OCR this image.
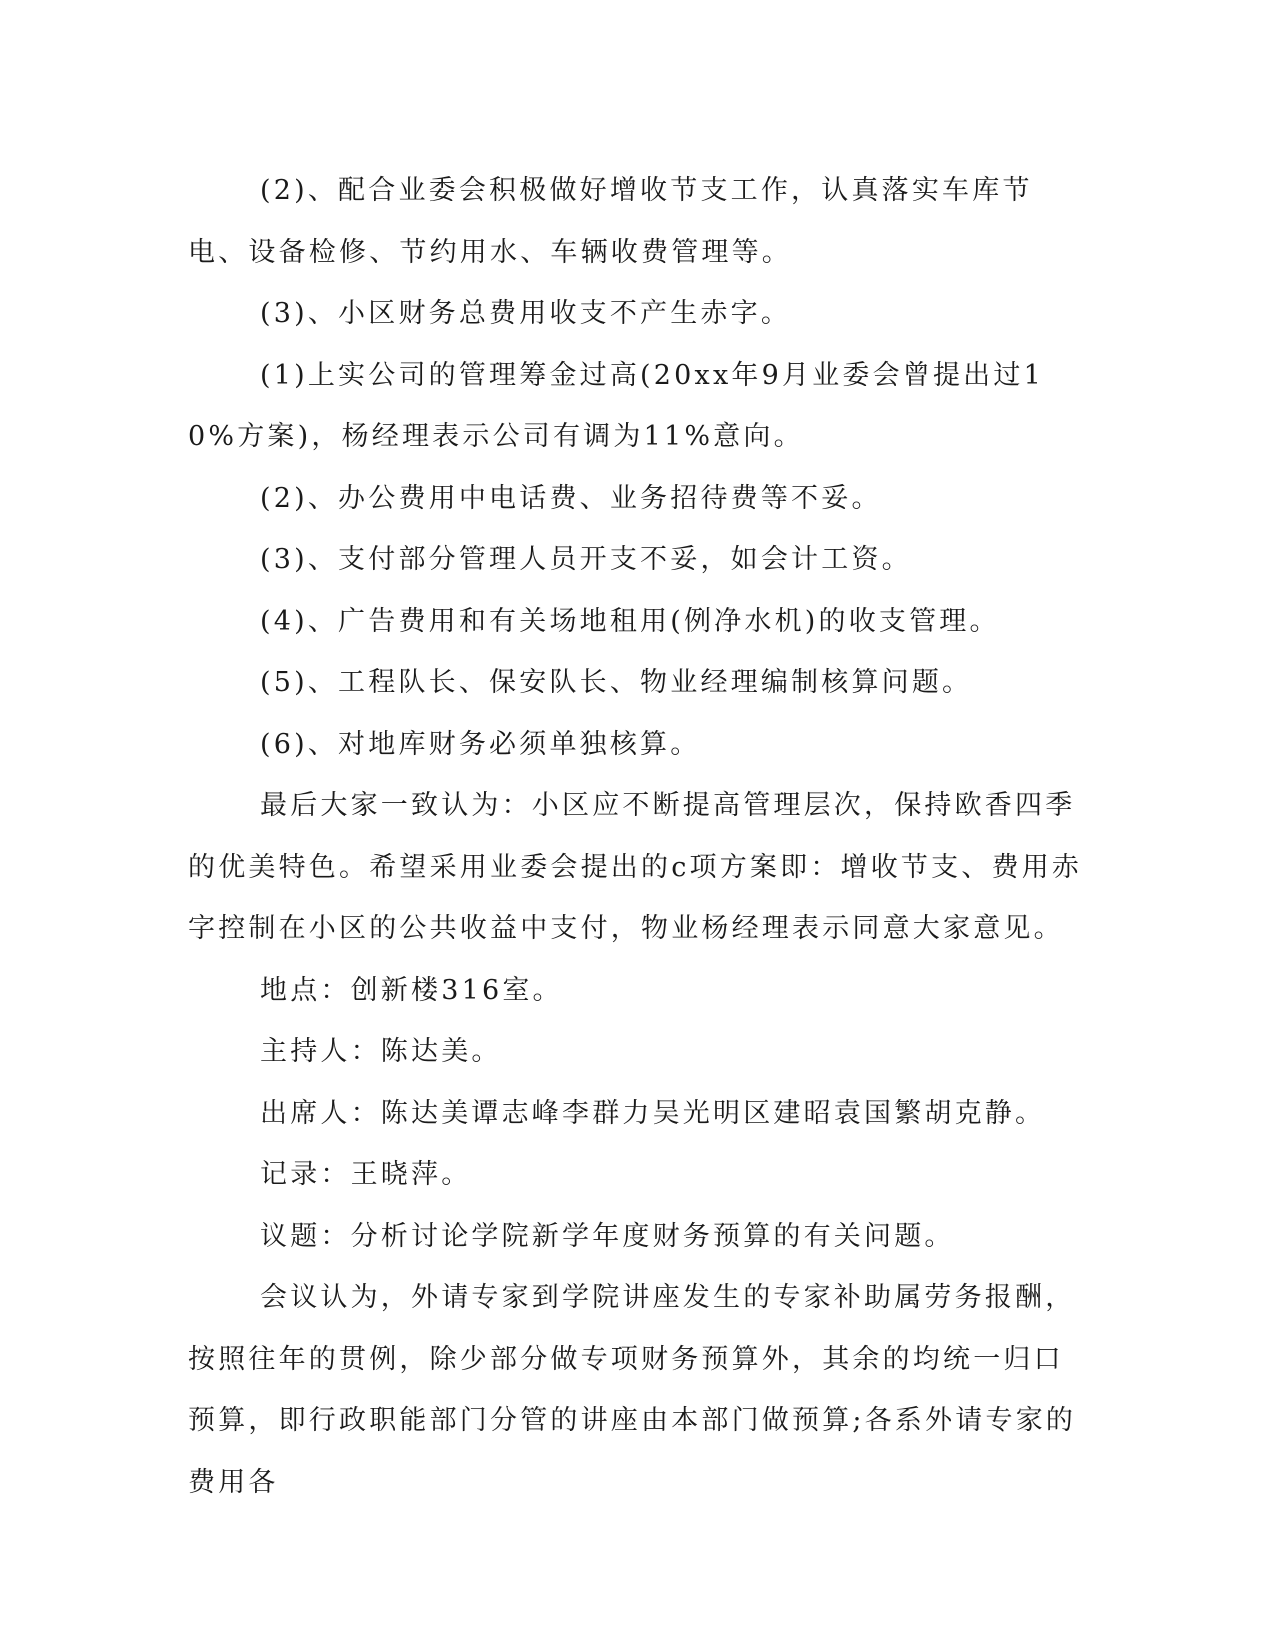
(2)、配合业委会积极做好增收节支工作，认真落实车库节电、设备检修、节约用水、车辆收费管理等。

(3)、小区财务总费用收支不产生赤字。

(1)上实公司的管理筹金过高(20xx年9月业委会曾提出过10%方案)，杨经理表示公司有调为11%意向。

(2)、办公费用中电话费、业务招待费等不妥。

(3)、支付部分管理人员开支不妥，如会计工资。

(4)、广告费用和有关场地租用(例净水机)的收支管理。

(5)、工程队长、保安队长、物业经理编制核算问题。

(6)、对地库财务必须单独核算。

最后大家一致认为：小区应不断提高管理层次，保持欧香四季的优美特色。希望采用业委会提出的c项方案即：增收节支、费用赤字控制在小区的公共收益中支付，物业杨经理表示同意大家意见。

地点：创新楼316室。

主持人：陈达美。

出席人：陈达美谭志峰李群力吴光明区建昭袁国繁胡克静。

记录：王晓萍。

议题：分析讨论学院新学年度财务预算的有关问题。

会议认为，外请专家到学院讲座发生的专家补助属劳务报酬，按照往年的贯例，除少部分做专项财务预算外，其余的均统一归口预算，即行政职能部门分管的讲座由本部门做预算;各系外请专家的费用各
